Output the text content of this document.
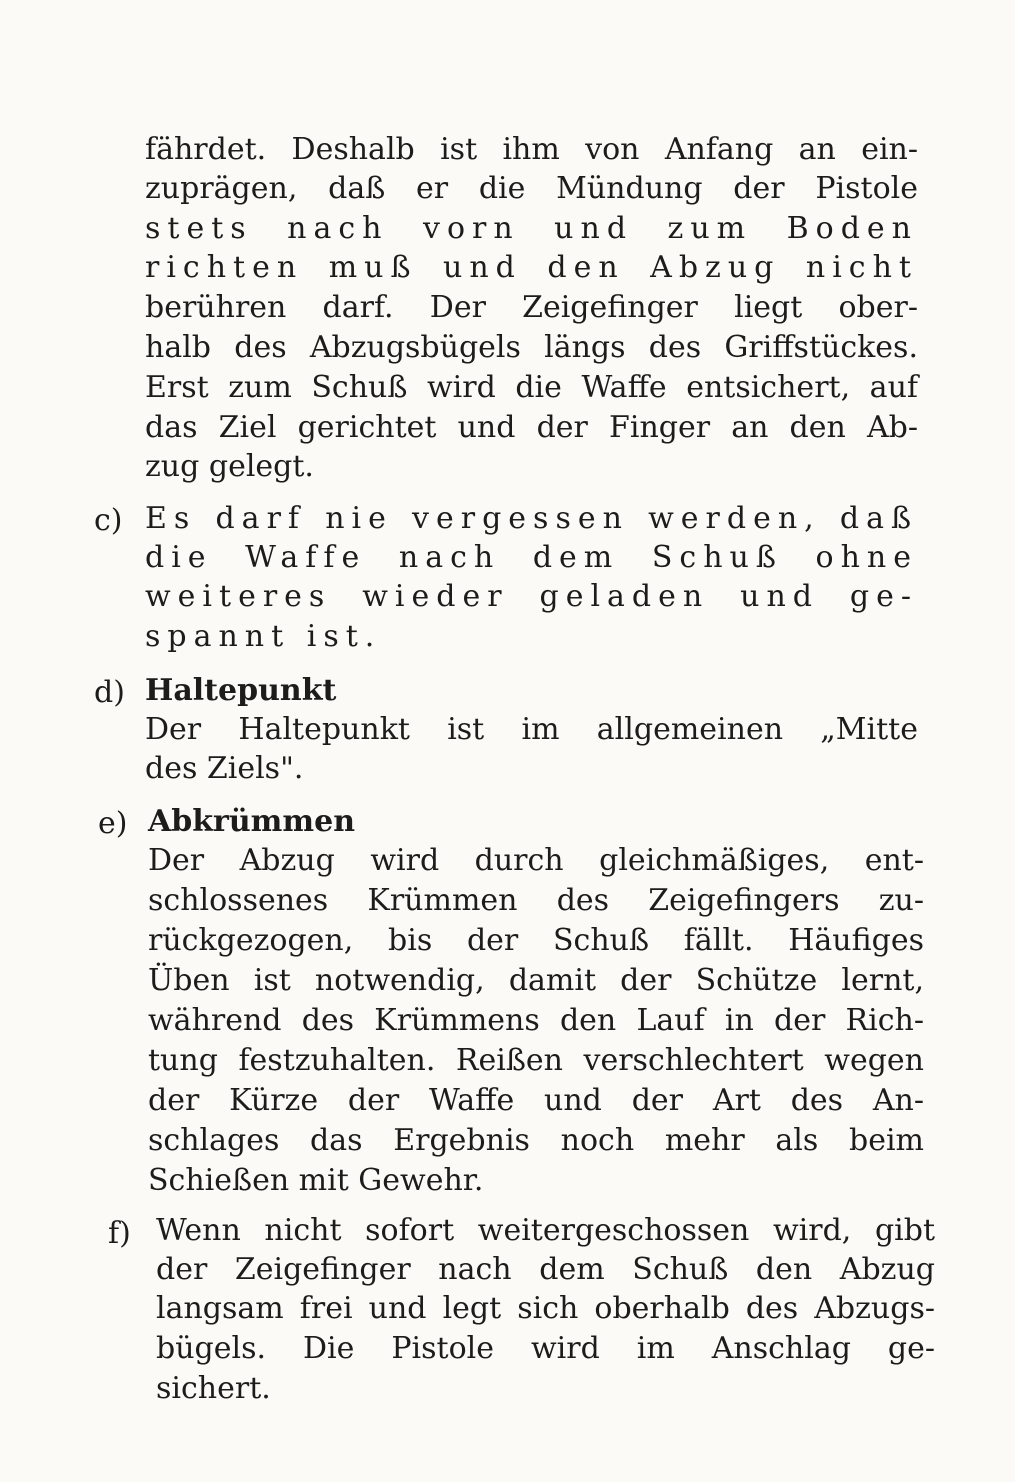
fährdet. Deshalb ist ihm von Anfang an ein-
zuprägen, daß er die Mündung der Pistole
stets nach vorn und zum Boden
richten muß und den Abzug nicht
berühren darf. Der Zeigefinger liegt ober-
halb des Abzugsbügels längs des Griffstückes.
Erst zum Schuß wird die Waffe entsichert, auf
das Ziel gerichtet und der Finger an den Ab-
zug gelegt.
c) Es darf nie vergessen werden, daß
die Waffe nach dem Schuß ohne
weiteres wieder geladen und ge-
spannt ist.
d) Haltepunkt
Der Haltepunkt ist im allgemeinen „Mitte
des Ziels".
e) Abkrümmen
Der Abzug wird durch gleichmäßiges, ent-
schlossenes Krümmen des Zeigefingers zu-
rückgezogen, bis der Schuß fällt. Häufiges
Üben ist notwendig, damit der Schütze lernt,
während des Krümmens den Lauf in der Rich-
tung festzuhalten. Reißen verschlechtert wegen
der Kürze der Waffe und der Art des An-
schlages das Ergebnis noch mehr als beim
Schießen mit Gewehr.
f) Wenn nicht sofort weitergeschossen wird, gibt
der Zeigefinger nach dem Schuß den Abzug
langsam frei und legt sich oberhalb des Abzugs-
bügels. Die Pistole wird im Anschlag ge-
sichert.
